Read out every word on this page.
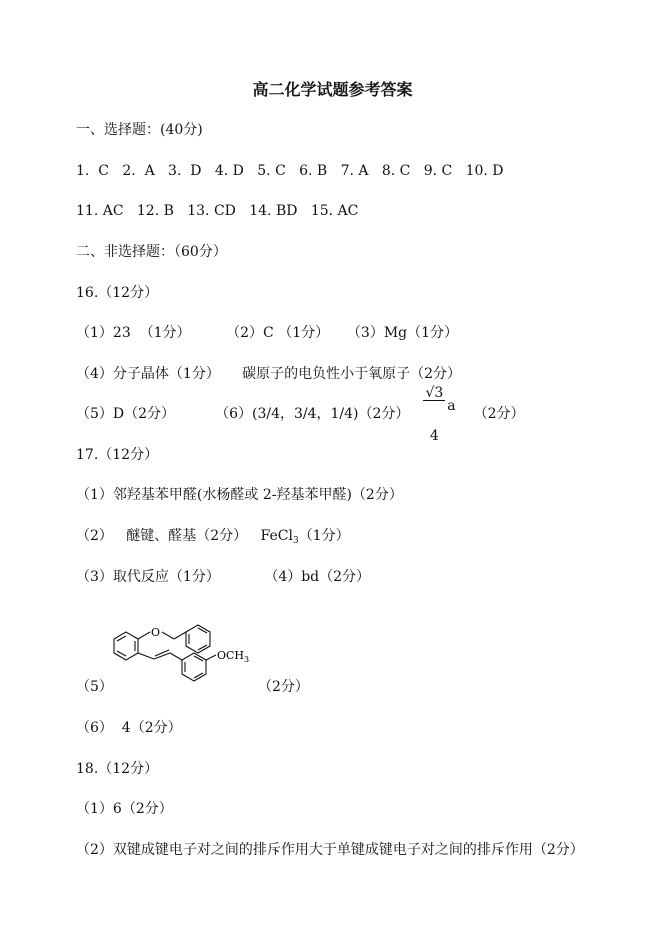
高二化学试题参考答案
一、选择题：(40分)
1.  C   2.  A   3.  D   4. D   5. C   6. B   7. A   8. C   9. C   10. D
11. AC   12. B   13. CD   14. BD   15. AC
二、非选择题：（60分）
16.（12分）
（1）23  （1分）        （2）C （1分）    （3）Mg（1分）
（4）分子晶体（1分）     碳原子的电负性小于氧原子（2分）
（5）D（2分）         （6）(3/4，3/4，1/4)（2分）

$\frac{√3}{4}$

a （2分）
17.（12分）
（1）邻羟基苯甲醛(水杨醛或 2-羟基苯甲醛)（2分）
（2）   醚键、醛基（2分）   FeCl$_3$（1分）
（3）取代反应（1分）          （4）bd（2分）
O
$OCH_3$
（5）	（2分）
（6）  4（2分）
18.（12分）
（1）6（2分）
（2）双键成键电子对之间的排斥作用大于单键成键电子对之间的排斥作用（2分）
